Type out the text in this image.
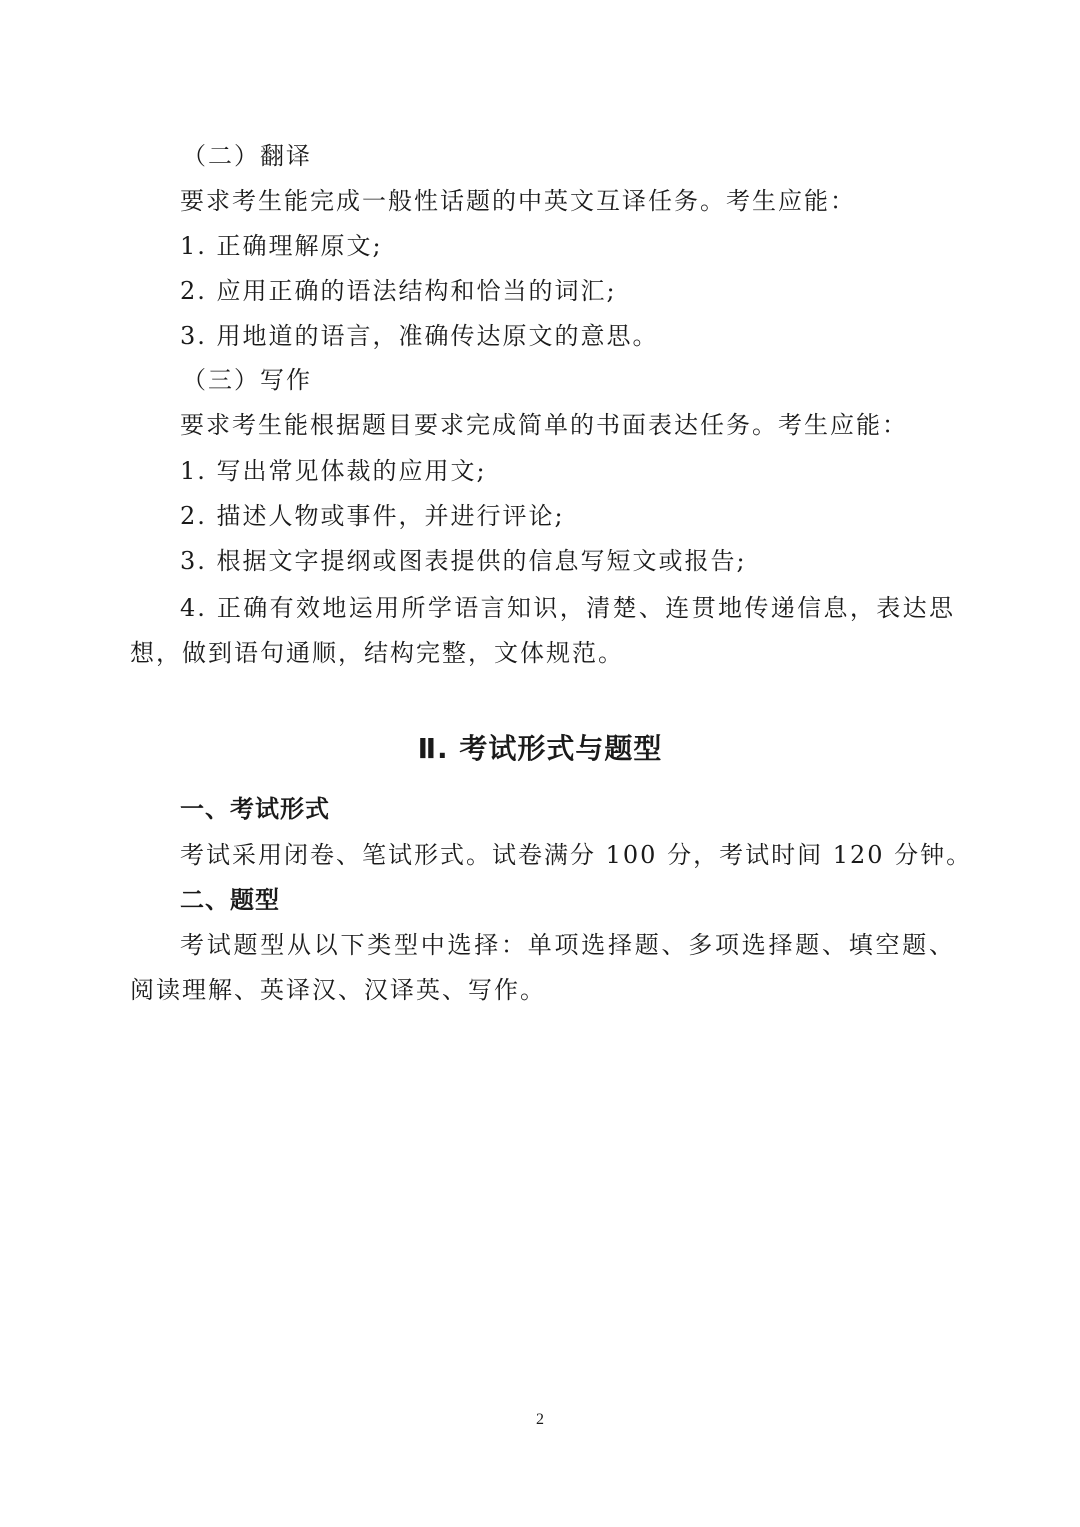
（二）翻译
要求考生能完成一般性话题的中英文互译任务。考生应能：
1. 正确理解原文;
2. 应用正确的语法结构和恰当的词汇;
3. 用地道的语言，准确传达原文的意思。
（三）写作
要求考生能根据题目要求完成简单的书面表达任务。考生应能：
1. 写出常见体裁的应用文;
2. 描述人物或事件，并进行评论;
3. 根据文字提纲或图表提供的信息写短文或报告;
4. 正确有效地运用所学语言知识，清楚、连贯地传递信息，表达思想，做到语句通顺，结构完整，文体规范。
Ⅱ. 考试形式与题型
一、考试形式
考试采用闭卷、笔试形式。试卷满分 100 分，考试时间 120 分钟。
二、题型
考试题型从以下类型中选择：单项选择题、多项选择题、填空题、阅读理解、英译汉、汉译英、写作。
2
